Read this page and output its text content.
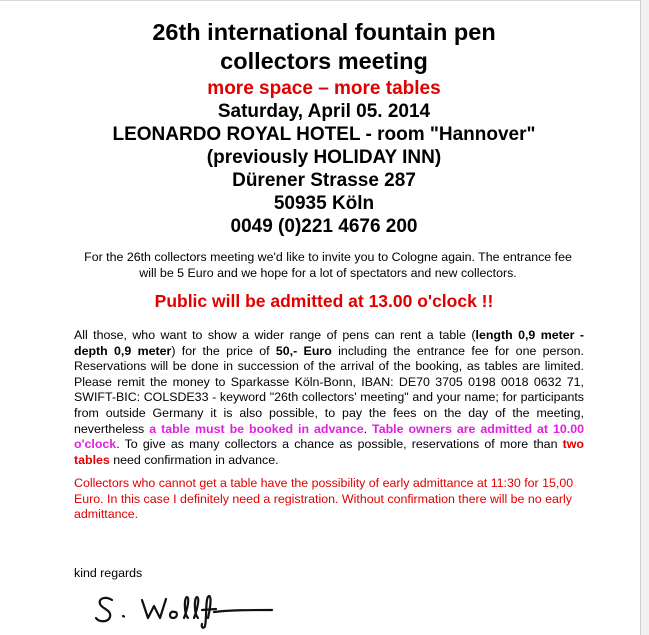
26th international fountain pen
collectors meeting
more space – more tables
Saturday, April 05. 2014
LEONARDO ROYAL HOTEL - room "Hannover"
(previously HOLIDAY INN)
Dürener Strasse 287
50935 Köln
0049 (0)221 4676 200
For the 26th collectors meeting we'd like to invite you to Cologne again. The entrance fee will be 5 Euro and we hope for a lot of spectators and new collectors.
Public will be admitted at 13.00 o'clock !!
All those, who want to show a wider range of pens can rent a table (length 0,9 meter - depth 0,9 meter) for the price of 50,- Euro including the entrance fee for one person. Reservations will be done in succession of the arrival of the booking, as tables are limited. Please remit the money to Sparkasse Köln-Bonn, IBAN: DE70 3705 0198 0018 0632 71, SWIFT-BIC: COLSDE33 - keyword "26th collectors' meeting" and your name; for participants from outside Germany it is also possible, to pay the fees on the day of the meeting, nevertheless a table must be booked in advance. Table owners are admitted at 10.00 o'clock. To give as many collectors a chance as possible, reservations of more than two tables need confirmation in advance.
Collectors who cannot get a table have the possibility of early admittance at 11:30 for 15,00 Euro. In this case I definitely need a registration. Without confirmation there will be no early admittance.
kind regards
